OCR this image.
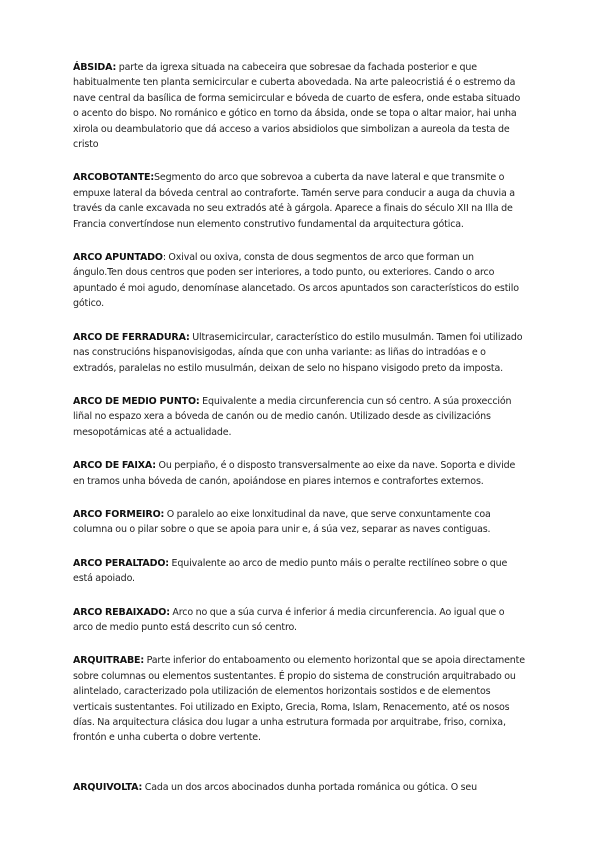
ÁBSIDA: parte da igrexa situada na cabeceira que sobresae da fachada posterior e que habitualmente ten planta semicircular e cuberta abovedada. Na arte paleocristiá é o estremo da nave central da basílica de forma semicircular e bóveda de cuarto de esfera, onde estaba situado o acento do bispo. No románico e gótico en torno da ábsida, onde se topa o altar maior, hai unha xirola ou deambulatorio que dá acceso a varios absidiolos que simbolizan a aureola da testa de cristo

ARCOBOTANTE:Segmento do arco que sobrevoa a cuberta da nave lateral e que transmite o empuxe lateral da bóveda central ao contraforte. Tamén serve para conducir a auga da chuvia a través da canle excavada no seu extradós até à gárgola. Aparece a finais do século XII na Illa de Francia convertíndose nun elemento construtivo fundamental da arquitectura gótica.

ARCO APUNTADO: Oxival ou oxiva, consta de dous segmentos de arco que forman un ángulo.Ten dous centros que poden ser interiores, a todo punto, ou exteriores. Cando o arco apuntado é moi agudo, denomínase alancetado. Os arcos apuntados son característicos do estilo gótico.

ARCO DE FERRADURA: Ultrasemicircular, característico do estilo musulmán. Tamen foi utilizado nas construcións hispanovisigodas, aínda que con unha variante: as liñas do intradóas e o extradós, paralelas no estilo musulmán, deixan de selo no hispano visigodo preto da imposta.

ARCO DE MEDIO PUNTO: Equivalente a media circunferencia cun só centro. A súa proxección liñal no espazo xera a bóveda de canón ou de medio canón. Utilizado desde as civilizacións mesopotámicas até a actualidade.

ARCO DE FAIXA: Ou perpiaño, é o disposto transversalmente ao eixe da nave. Soporta e divide en tramos unha bóveda de canón, apoiándose en piares internos e contrafortes externos.

ARCO FORMEIRO: O paralelo ao eixe lonxitudinal da nave, que serve conxuntamente coa columna ou o pilar sobre o que se apoia para unir e, á súa vez, separar as naves contiguas.

ARCO PERALTADO: Equivalente ao arco de medio punto máis o peralte rectilíneo sobre o que está apoiado.

ARCO REBAIXADO: Arco no que a súa curva é inferior á media circunferencia. Ao igual que o arco de medio punto está descrito cun só centro.

ARQUITRABE: Parte inferior do entaboamento ou elemento horizontal que se apoia directamente sobre columnas ou elementos sustentantes. É propio do sistema de construción arquitrabado ou alintelado, caracterizado pola utilización de elementos horizontais sostidos e de elementos verticais sustentantes. Foi utilizado en Exipto, Grecia, Roma, Islam, Renacemento, até os nosos días. Na arquitectura clásica dou lugar a unha estrutura formada por arquitrabe, friso, cornixa, frontón e unha cuberta o dobre vertente.

ARQUIVOLTA: Cada un dos arcos abocinados dunha portada románica ou gótica. O seu
